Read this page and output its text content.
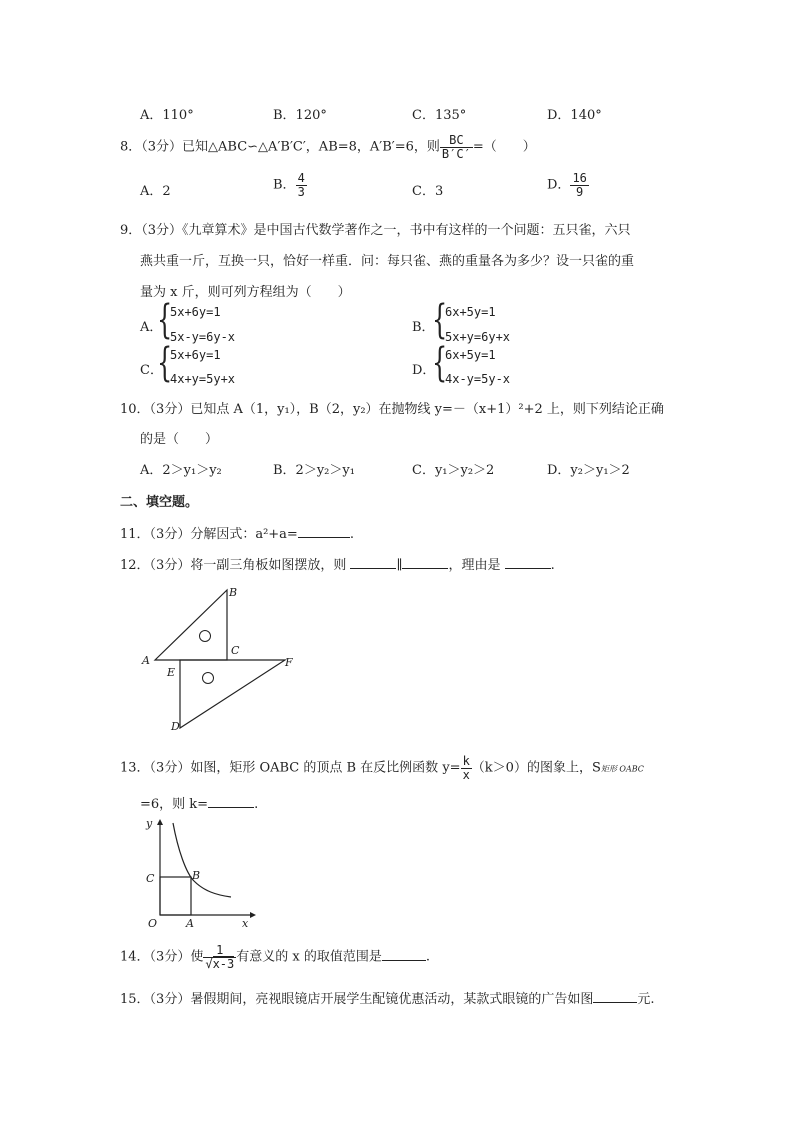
A．110°	B．120°	C．135°	D．140°
8．（3分）已知△ABC∽△A′B′C′，AB=8，A′B′=6，则 $\frac{BC}{B'C'}$ =（　　）
A．2	B． $\frac{4}{3}$	C．3	D． $\frac{16}{9}$
9．（3分）《九章算术》是中国古代数学著作之一，书中有这样的一个问题：五只雀，六只
燕共重一斤，互换一只，恰好一样重．问：每只雀、燕的重量各为多少？设一只雀的重
量为 x 斤，则可列方程组为（　　）
A．
{
5x+6y=1
5x-y=6y-x
B．
{
6x+5y=1
5x+y=6y+x
C．
{
5x+6y=1
4x+y=5y+x
D．
{
6x+5y=1
4x-y=5y-x
10．（3分）已知点 A（1，y₁），B（2，y₂）在抛物线 y=－（x+1）²+2 上，则下列结论正确
的是（　　）
A．2＞y₁＞y₂	B．2＞y₂＞y₁	C．y₁＞y₂＞2	D．y₂＞y₁＞2
二、填空题。
11．（3分）分解因式：a²+a=	.
12．（3分）将一副三角板如图摆放，则	∥	，理由是	.
A
B
C
D
E
F
13．（3分）如图，矩形 OABC 的顶点 B 在反比例函数 $y= \frac{k}{x} (k>0)$的图象上，S矩形 OABC
=6，则 k=	.
y
C	B
O	A	x
14．（3分）使 $\frac{1}{√x-3}$ 有意义的 x 的取值范围是	.
15．（3分）暑假期间，亮视眼镜店开展学生配镜优惠活动，某款式眼镜的广告如图	元.
